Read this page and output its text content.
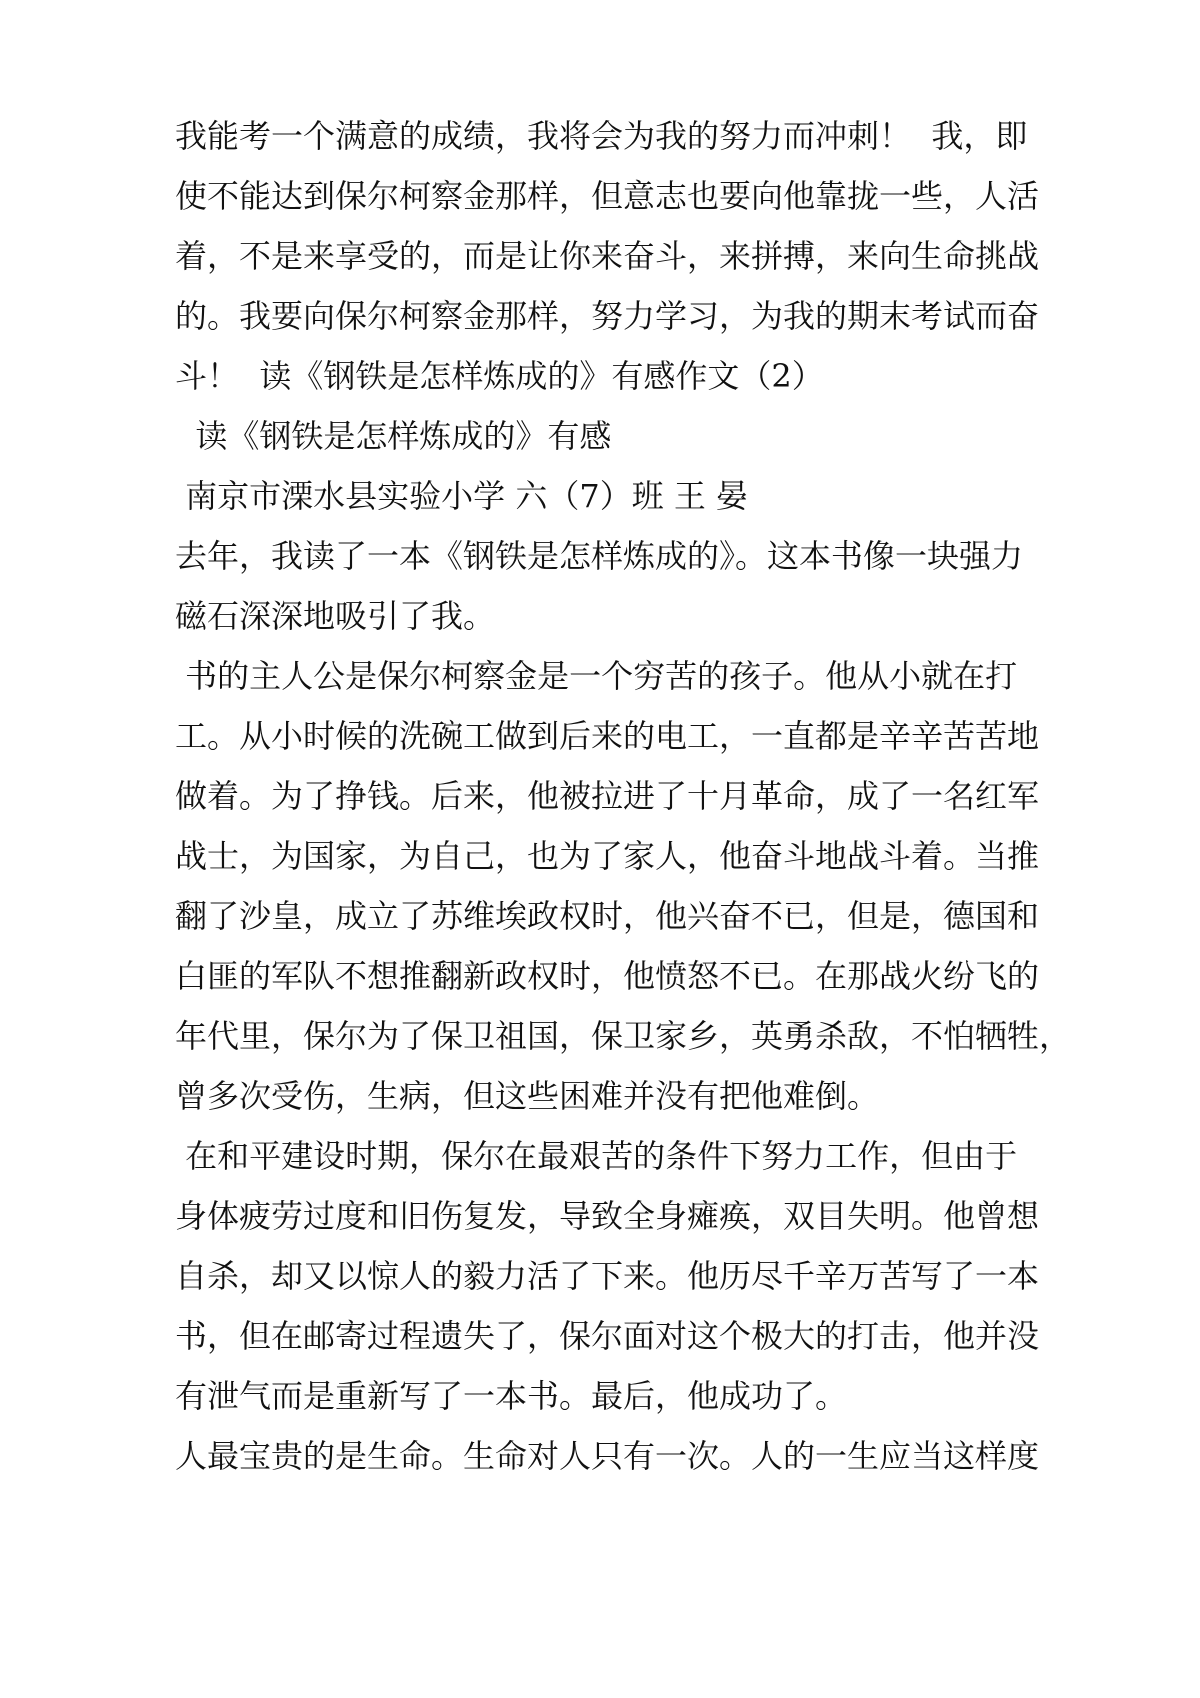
我能考一个满意的成绩，我将会为我的努力而冲刺！  我，即
使不能达到保尔柯察金那样，但意志也要向他靠拢一些，人活
着，不是来享受的，而是让你来奋斗，来拼搏，来向生命挑战
的。我要向保尔柯察金那样，努力学习，为我的期末考试而奋
斗！  读《钢铁是怎样炼成的》有感作文（2）
读《钢铁是怎样炼成的》有感
南京市溧水县实验小学 六（7）班 王 晏
去年，我读了一本《钢铁是怎样炼成的》。这本书像一块强力
磁石深深地吸引了我。
书的主人公是保尔柯察金是一个穷苦的孩子。他从小就在打
工。从小时候的洗碗工做到后来的电工，一直都是辛辛苦苦地
做着。为了挣钱。后来，他被拉进了十月革命，成了一名红军
战士，为国家，为自己，也为了家人，他奋斗地战斗着。当推
翻了沙皇，成立了苏维埃政权时，他兴奋不已，但是，德国和
白匪的军队不想推翻新政权时，他愤怒不已。在那战火纷飞的
年代里，保尔为了保卫祖国，保卫家乡，英勇杀敌，不怕牺牲，
曾多次受伤，生病，但这些困难并没有把他难倒。
在和平建设时期，保尔在最艰苦的条件下努力工作，但由于
身体疲劳过度和旧伤复发，导致全身瘫痪，双目失明。他曾想
自杀，却又以惊人的毅力活了下来。他历尽千辛万苦写了一本
书，但在邮寄过程遗失了，保尔面对这个极大的打击，他并没
有泄气而是重新写了一本书。最后，他成功了。
人最宝贵的是生命。生命对人只有一次。人的一生应当这样度
